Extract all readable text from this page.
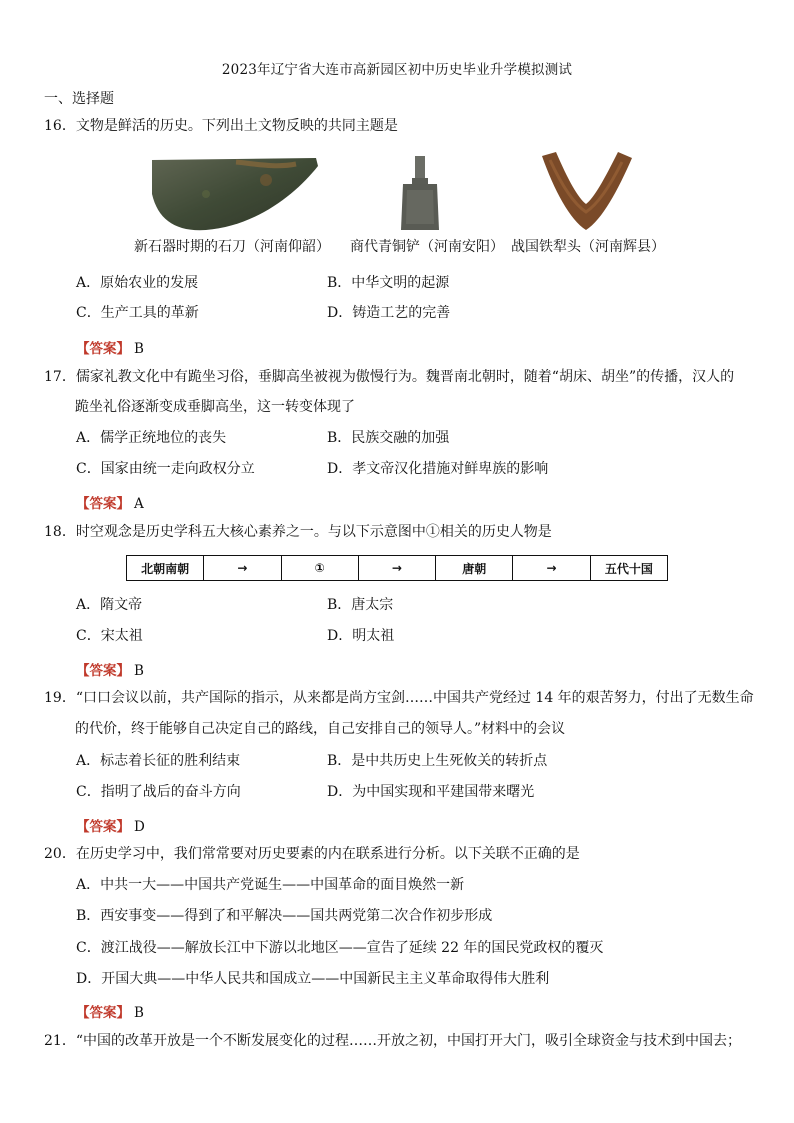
2023年辽宁省大连市高新园区初中历史毕业升学模拟测试
一、选择题
16．文物是鲜活的历史。下列出土文物反映的共同主题是
新石器时期的石刀（河南仰韶） 商代青铜铲（河南安阳） 战国铁犁头（河南辉县）
A．原始农业的发展	B．中华文明的起源
C．生产工具的革新	D．铸造工艺的完善
【答案】 B
17．儒家礼教文化中有跪坐习俗，垂脚高坐被视为傲慢行为。魏晋南北朝时，随着“胡床、胡坐”的传播，汉人的
跪坐礼俗逐渐变成垂脚高坐，这一转变体现了
A．儒学正统地位的丧失	B．民族交融的加强
C．国家由统一走向政权分立	D．孝文帝汉化措施对鲜卑族的影响
【答案】 A
18．时空观念是历史学科五大核心素养之一。与以下示意图中①相关的历史人物是
北朝南朝	→	①	→	唐朝	→	五代十国
A．隋文帝	B．唐太宗
C．宋太祖	D．明太祖
【答案】 B
19．“口口会议以前，共产国际的指示，从来都是尚方宝剑……中国共产党经过 14 年的艰苦努力，付出了无数生命
的代价，终于能够自己决定自己的路线，自己安排自己的领导人。”材料中的会议
A．标志着长征的胜利结束	B．是中共历史上生死攸关的转折点
C．指明了战后的奋斗方向	D．为中国实现和平建国带来曙光
【答案】 D
20．在历史学习中，我们常常要对历史要素的内在联系进行分析。以下关联不正确的是
A．中共一大——中国共产党诞生——中国革命的面目焕然一新
B．西安事变——得到了和平解决——国共两党第二次合作初步形成
C．渡江战役——解放长江中下游以北地区——宣告了延续 22 年的国民党政权的覆灭
D．开国大典——中华人民共和国成立——中国新民主主义革命取得伟大胜利
【答案】 B
21．“中国的改革开放是一个不断发展变化的过程……开放之初，中国打开大门，吸引全球资金与技术到中国去；
